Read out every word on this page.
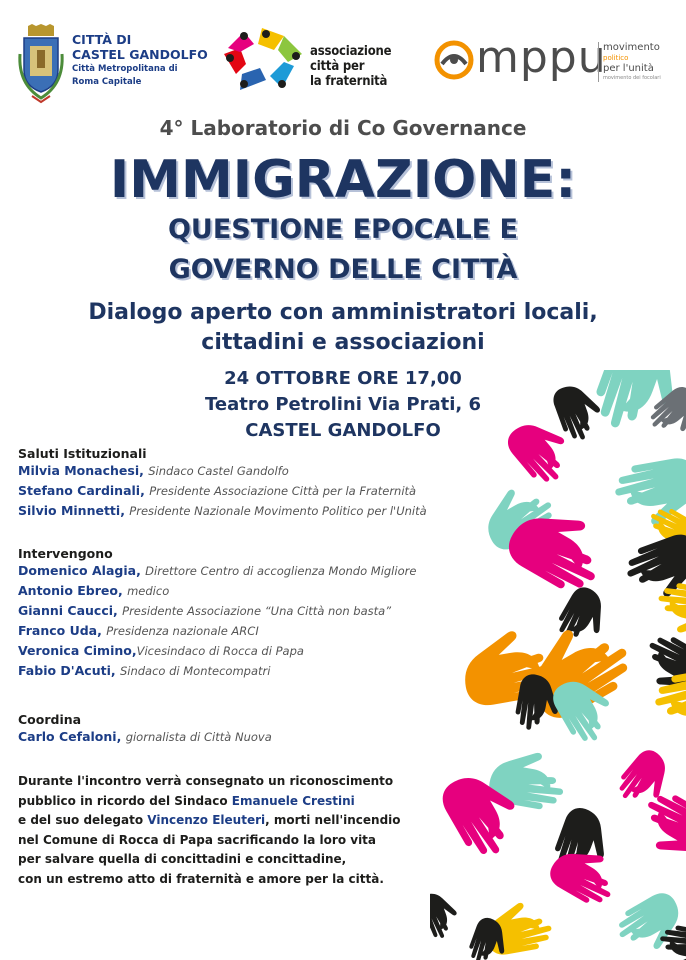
CITTÀ DI
CASTEL GANDOLFO
Città Metropolitana di
Roma Capitale
associazione
città per
la fraternità mppu
movimento
politico
per l'unità
movimento dei focolari
4° Laboratorio di Co Governance
IMMIGRAZIONE:
QUESTIONE EPOCALE E
GOVERNO DELLE CITTÀ
Dialogo aperto con amministratori locali,
cittadini e associazioni
24 OTTOBRE ORE 17,00
Teatro Petrolini Via Prati, 6
CASTEL GANDOLFO
Saluti Istituzionali
Milvia Monachesi, Sindaco Castel Gandolfo
Stefano Cardinali, Presidente Associazione Città per la Fraternità
Silvio Minnetti, Presidente Nazionale Movimento Politico per l'Unità
Intervengono
Domenico Alagia, Direttore Centro di accoglienza Mondo Migliore
Antonio Ebreo, medico
Gianni Caucci, Presidente Associazione “Una Città non basta”
Franco Uda, Presidenza nazionale ARCI
Veronica Cimino,Vicesindaco di Rocca di Papa
Fabio D'Acuti, Sindaco di Montecompatri
Coordina
Carlo Cefaloni, giornalista di Città Nuova
Durante l'incontro verrà consegnato un riconoscimento
pubblico in ricordo del Sindaco Emanuele Crestini
e del suo delegato Vincenzo Eleuteri, morti nell'incendio
nel Comune di Rocca di Papa sacrificando la loro vita
per salvare quella di concittadini e concittadine,
con un estremo atto di fraternità e amore per la città.
